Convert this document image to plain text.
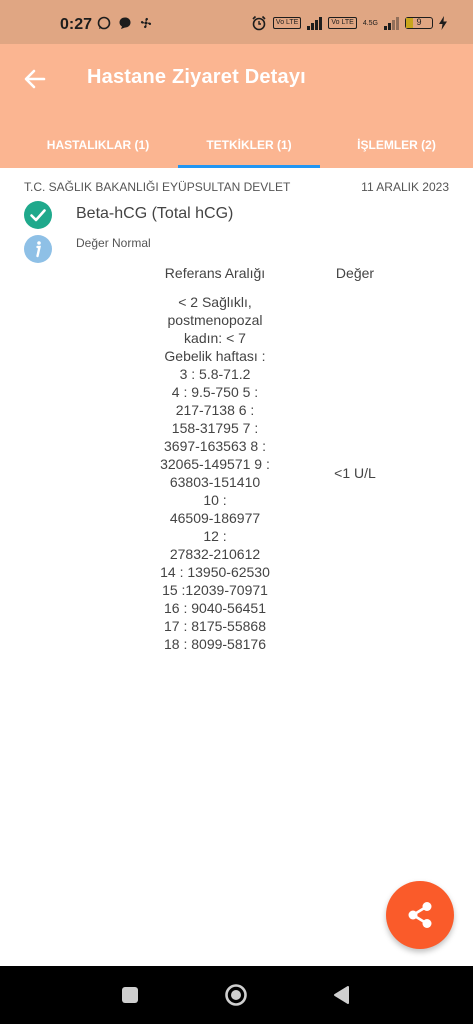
0:27	Vo LTE	Vo LTE	4.5G	9
Hastane Ziyaret Detayı
HASTALIKLAR (1)	TETKİKLER (1)	İŞLEMLER (2)
T.C. SAĞLIK BAKANLIĞI EYÜPSULTAN DEVLET	11 ARALIK 2023
Beta-hCG (Total hCG)
Değer Normal
Referans Aralığı	Değer
< 2 Sağlıklı,
postmenopozal
kadın: < 7
Gebelik haftası :
3 : 5.8-71.2
4 : 9.5-750 5 :
217-7138 6 :
158-31795 7 :
3697-163563 8 :
32065-149571 9 :
63803-151410
10 :
46509-186977
12 :
27832-210612
14 : 13950-62530
15 :12039-70971
16 : 9040-56451
17 : 8175-55868
18 : 8099-58176
<1 U/L
